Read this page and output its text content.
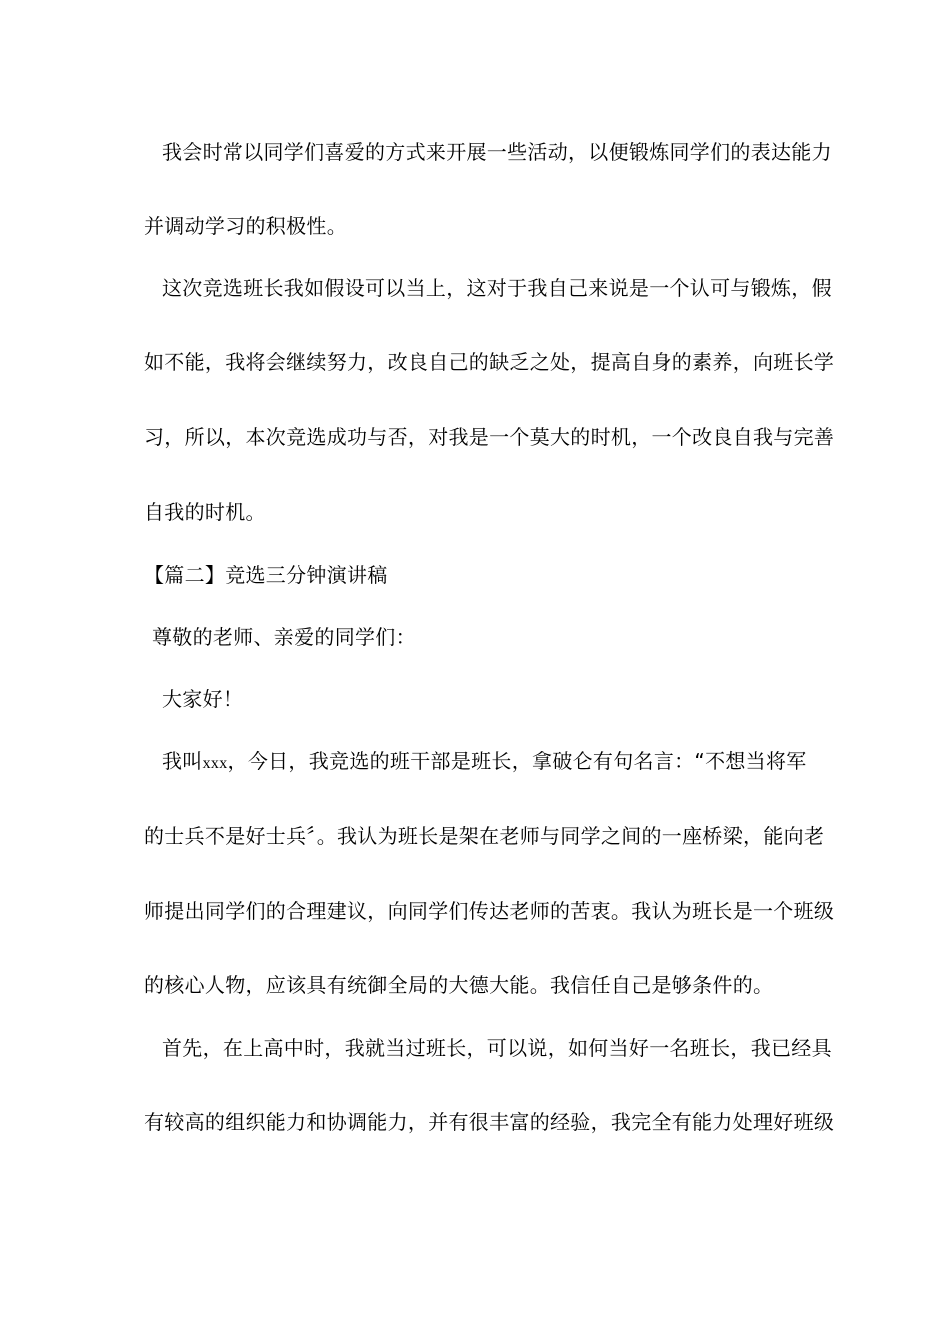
我会时常以同学们喜爱的方式来开展一些活动，以便锻炼同学们的表达能力
并调动学习的积极性。
这次竞选班长我如假设可以当上，这对于我自己来说是一个认可与锻炼，假
如不能，我将会继续努力，改良自己的缺乏之处，提高自身的素养，向班长学
习，所以，本次竞选成功与否，对我是一个莫大的时机，一个改良自我与完善
自我的时机。
【篇二】竞选三分钟演讲稿
尊敬的老师、亲爱的同学们：
大家好！
我叫xxx，今日，我竞选的班干部是班长，拿破仑有句名言：“不想当将军
的士兵不是好士兵〞。我认为班长是架在老师与同学之间的一座桥梁，能向老
师提出同学们的合理建议，向同学们传达老师的苦衷。我认为班长是一个班级
的核心人物，应该具有统御全局的大德大能。我信任自己是够条件的。
首先，在上高中时，我就当过班长，可以说，如何当好一名班长，我已经具
有较高的组织能力和协调能力，并有很丰富的经验，我完全有能力处理好班级
